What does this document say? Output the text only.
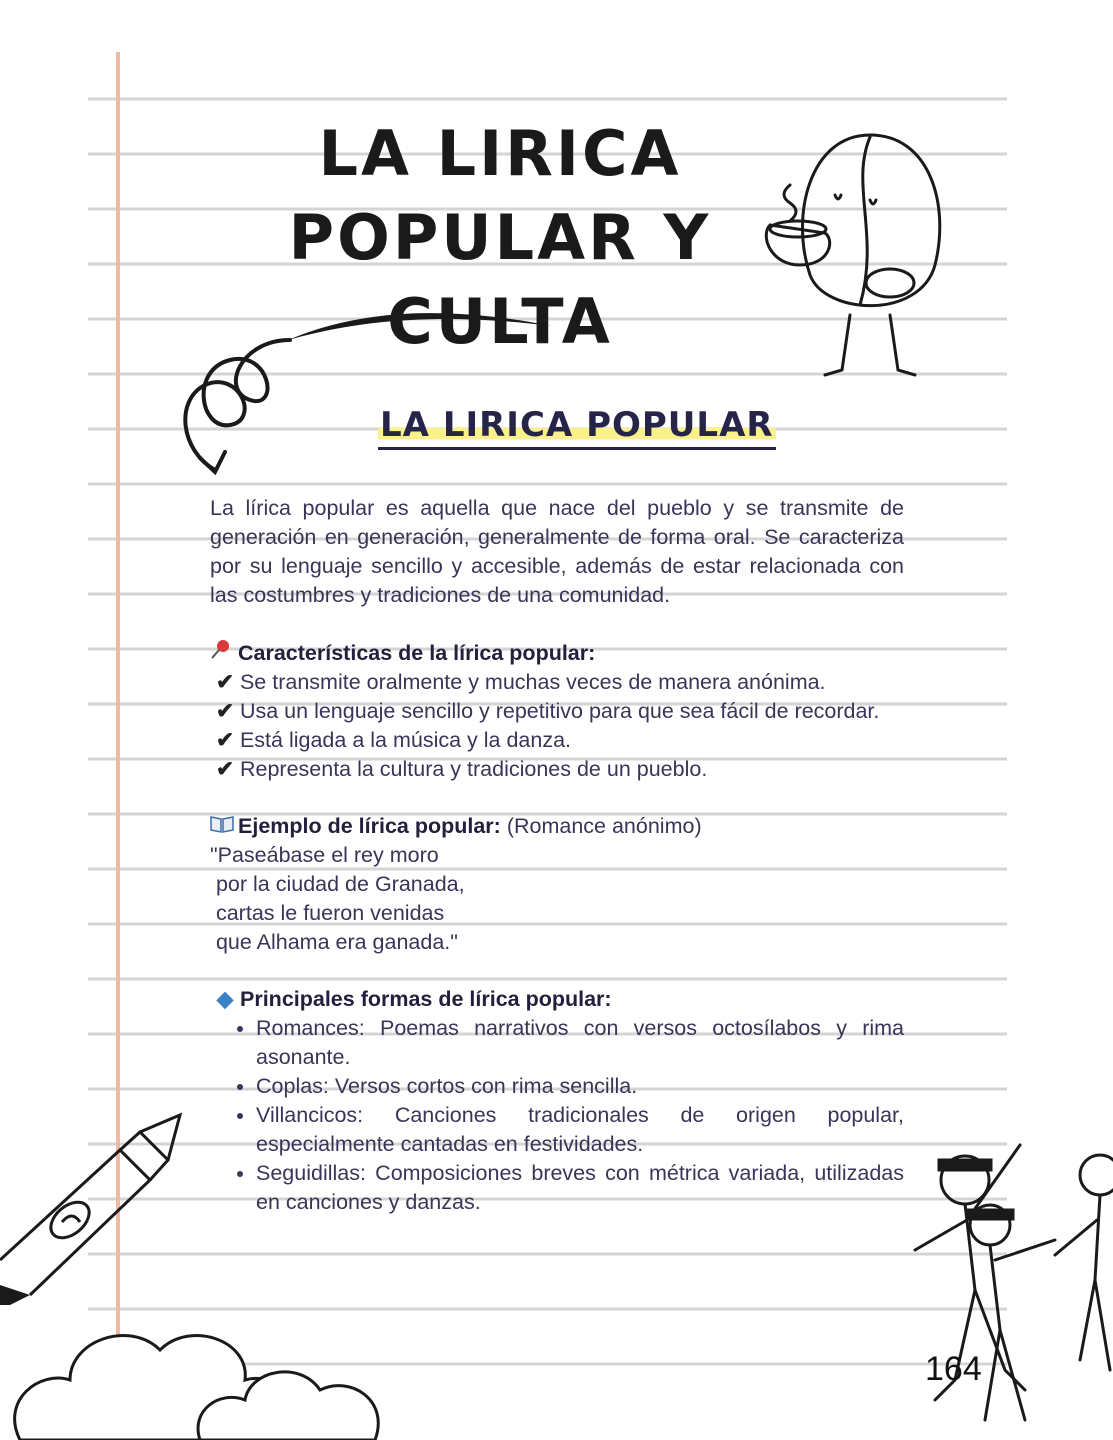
LA LIRICA POPULAR Y CULTA
LA LIRICA POPULAR

La lírica popular es aquella que nace del pueblo y se transmite de generación en generación, generalmente de forma oral. Se caracteriza por su lenguaje sencillo y accesible, además de estar relacionada con las costumbres y tradiciones de una comunidad.

Características de la lírica popular:

✔ Se transmite oralmente y muchas veces de manera anónima.

✔ Usa un lenguaje sencillo y repetitivo para que sea fácil de recordar.

✔ Está ligada a la música y la danza.

✔ Representa la cultura y tradiciones de un pueblo.

Ejemplo de lírica popular: (Romance anónimo)
"Paseábase el rey moro
por la ciudad de Granada,
cartas le fueron venidas
que Alhama era ganada."
◆ Principales formas de lírica popular:
• Romances: Poemas narrativos con versos octosílabos y rima asonante.
• Coplas: Versos cortos con rima sencilla.
• Villancicos: Canciones tradicionales de origen popular, especialmente cantadas en festividades.
• Seguidillas: Composiciones breves con métrica variada, utilizadas en canciones y danzas.
164
